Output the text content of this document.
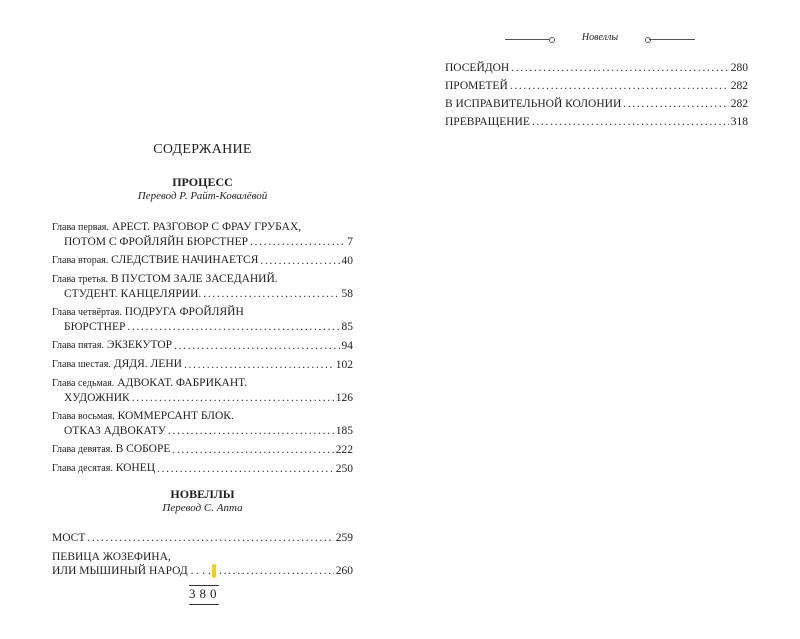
Новеллы
ПОСЕЙДОН . . .	280
ПРОМЕТЕЙ . . .	282
В ИСПРАВИТЕЛЬНОЙ КОЛОНИИ . . .	282
ПРЕВРАЩЕНИЕ . . .	318
СОДЕРЖАНИЕ
ПРОЦЕСС
Перевод Р. Райт-Ковалёвой
Глава первая. АРЕСТ. РАЗГОВОР С ФРАУ ГРУБАХ,
ПОТОМ С ФРОЙЛЯЙН БЮРСТНЕР . . .	7
Глава вторая. СЛЕДСТВИЕ НАЧИНАЕТСЯ . . .	40
Глава третья. В ПУСТОМ ЗАЛЕ ЗАСЕДАНИЙ.
СТУДЕНТ. КАНЦЕЛЯРИИ. . . .	58
Глава четвёртая. ПОДРУГА ФРОЙЛЯЙН
БЮРСТНЕР . . .	85
Глава пятая. ЭКЗЕКУТОР . . .	94
Глава шестая. ДЯДЯ. ЛЕНИ . . .	102
Глава седьмая. АДВОКАТ. ФАБРИКАНТ.
ХУДОЖНИК . . .	126
Глава восьмая. КОММЕРСАНТ БЛОК.
ОТКАЗ АДВОКАТУ . . .	185
Глава девятая. В СОБОРЕ . . .	222
Глава десятая. КОНЕЦ . . .	250
НОВЕЛЛЫ
Перевод С. Апта
МОСТ . . .	259
ПЕВИЦА ЖОЗЕФИНА,
ИЛИ МЫШИНЫЙ НАРОД . . . . . . .	260
380
